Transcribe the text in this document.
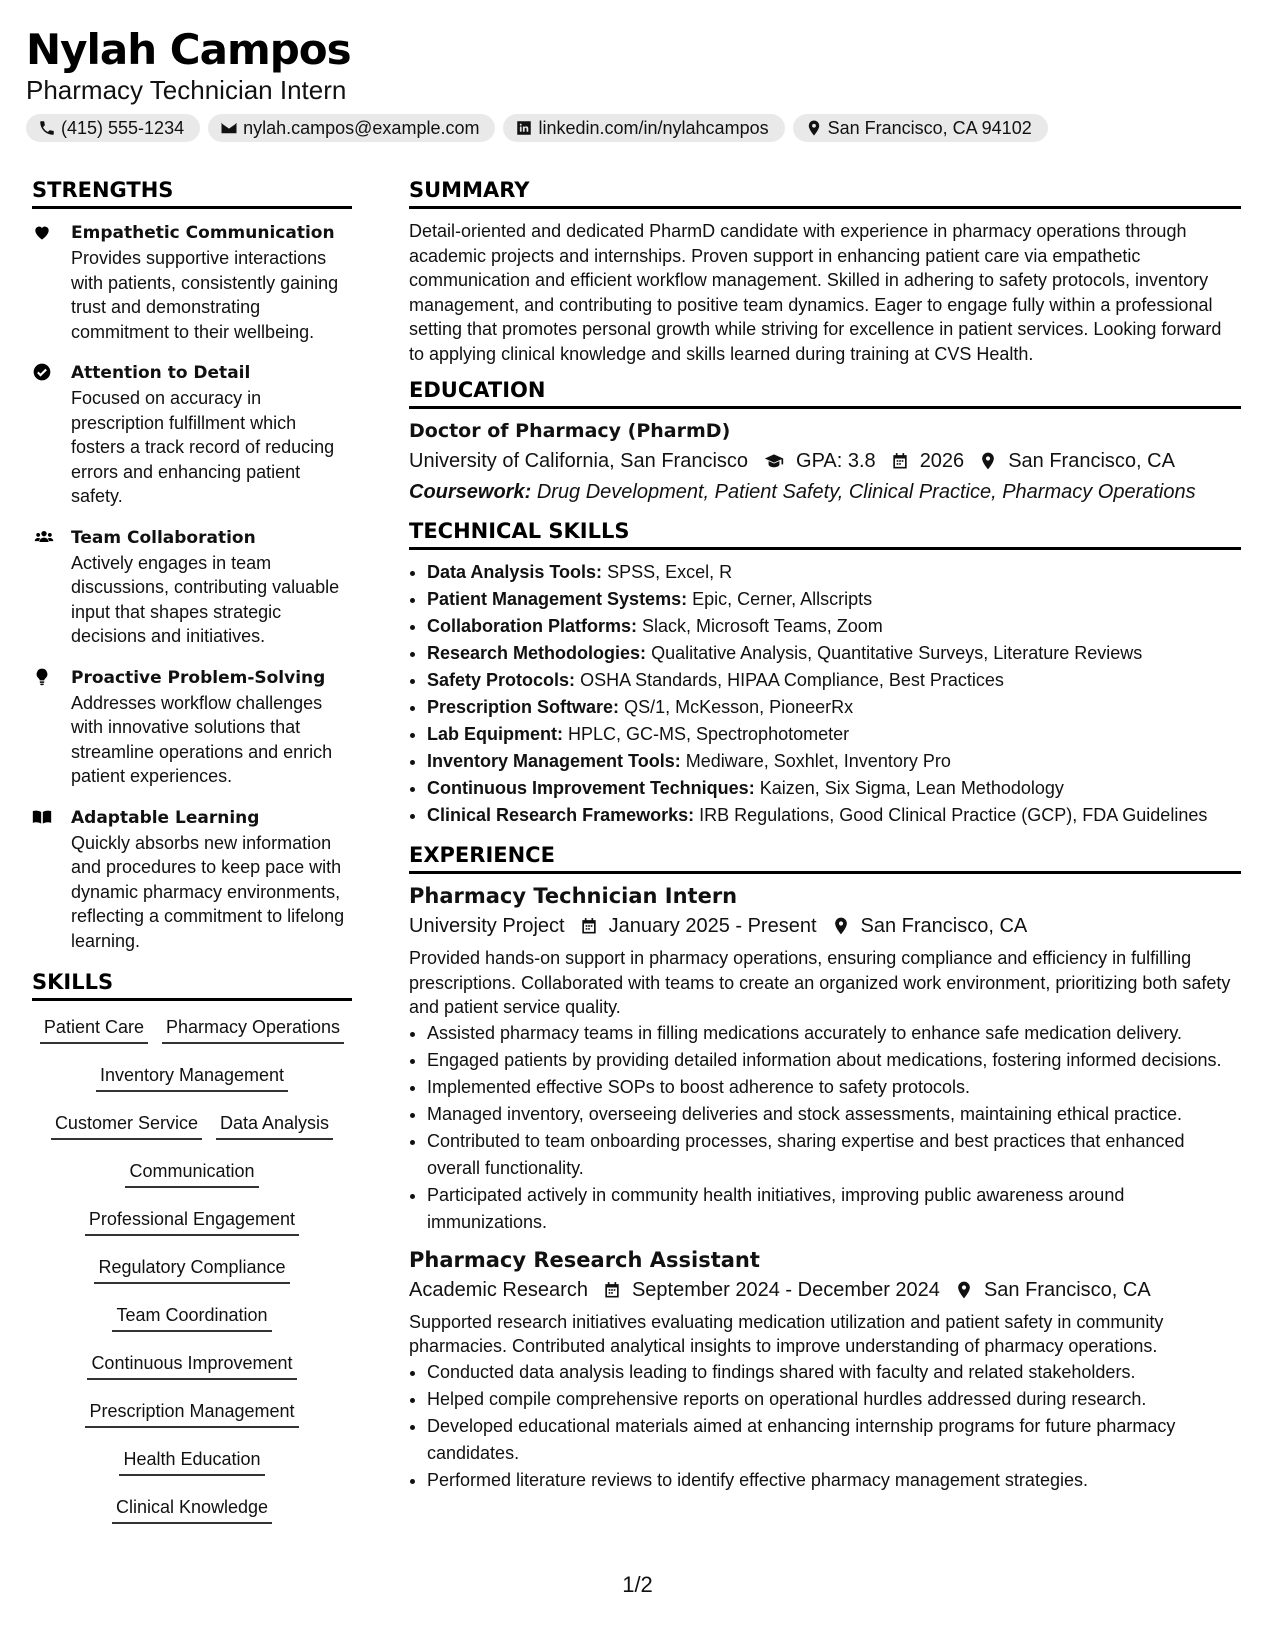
Nylah Campos
Pharmacy Technician Intern
(415) 555-1234	nylah.campos@example.com	linkedin.com/in/nylahcampos	San Francisco, CA 94102
STRENGTHS
Empathetic Communication
Provides supportive interactions with patients, consistently gaining trust and demonstrating commitment to their wellbeing.
Attention to Detail
Focused on accuracy in prescription fulfillment which fosters a track record of reducing errors and enhancing patient safety.
Team Collaboration
Actively engages in team discussions, contributing valuable input that shapes strategic decisions and initiatives.
Proactive Problem-Solving
Addresses workflow challenges with innovative solutions that streamline operations and enrich patient experiences.
Adaptable Learning
Quickly absorbs new information and procedures to keep pace with dynamic pharmacy environments, reflecting a commitment to lifelong learning.
SKILLS
Patient Care Pharmacy Operations
Inventory Management
Customer Service Data Analysis
Communication
Professional Engagement
Regulatory Compliance
Team Coordination
Continuous Improvement
Prescription Management
Health Education
Clinical Knowledge
SUMMARY
Detail-oriented and dedicated PharmD candidate with experience in pharmacy operations through academic projects and internships. Proven support in enhancing patient care via empathetic communication and efficient workflow management. Skilled in adhering to safety protocols, inventory management, and contributing to positive team dynamics. Eager to engage fully within a professional setting that promotes personal growth while striving for excellence in patient services. Looking forward to applying clinical knowledge and skills learned during training at CVS Health.
EDUCATION
Doctor of Pharmacy (PharmD)
University of California, San Francisco GPA: 3.8 2026 San Francisco, CA
Coursework: Drug Development, Patient Safety, Clinical Practice, Pharmacy Operations
TECHNICAL SKILLS
• Data Analysis Tools: SPSS, Excel, R
• Patient Management Systems: Epic, Cerner, Allscripts
• Collaboration Platforms: Slack, Microsoft Teams, Zoom
• Research Methodologies: Qualitative Analysis, Quantitative Surveys, Literature Reviews
• Safety Protocols: OSHA Standards, HIPAA Compliance, Best Practices
• Prescription Software: QS/1, McKesson, PioneerRx
• Lab Equipment: HPLC, GC-MS, Spectrophotometer
• Inventory Management Tools: Mediware, Soxhlet, Inventory Pro
• Continuous Improvement Techniques: Kaizen, Six Sigma, Lean Methodology
• Clinical Research Frameworks: IRB Regulations, Good Clinical Practice (GCP), FDA Guidelines
EXPERIENCE
Pharmacy Technician Intern
University Project January 2025 - Present San Francisco, CA
Provided hands-on support in pharmacy operations, ensuring compliance and efficiency in fulfilling prescriptions. Collaborated with teams to create an organized work environment, prioritizing both safety and patient service quality.
• Assisted pharmacy teams in filling medications accurately to enhance safe medication delivery.
• Engaged patients by providing detailed information about medications, fostering informed decisions.
• Implemented effective SOPs to boost adherence to safety protocols.
• Managed inventory, overseeing deliveries and stock assessments, maintaining ethical practice.
• Contributed to team onboarding processes, sharing expertise and best practices that enhanced overall functionality.
• Participated actively in community health initiatives, improving public awareness around immunizations.
Pharmacy Research Assistant
Academic Research September 2024 - December 2024 San Francisco, CA
Supported research initiatives evaluating medication utilization and patient safety in community pharmacies. Contributed analytical insights to improve understanding of pharmacy operations.
• Conducted data analysis leading to findings shared with faculty and related stakeholders.
• Helped compile comprehensive reports on operational hurdles addressed during research.
• Developed educational materials aimed at enhancing internship programs for future pharmacy candidates.
• Performed literature reviews to identify effective pharmacy management strategies.
1/2
